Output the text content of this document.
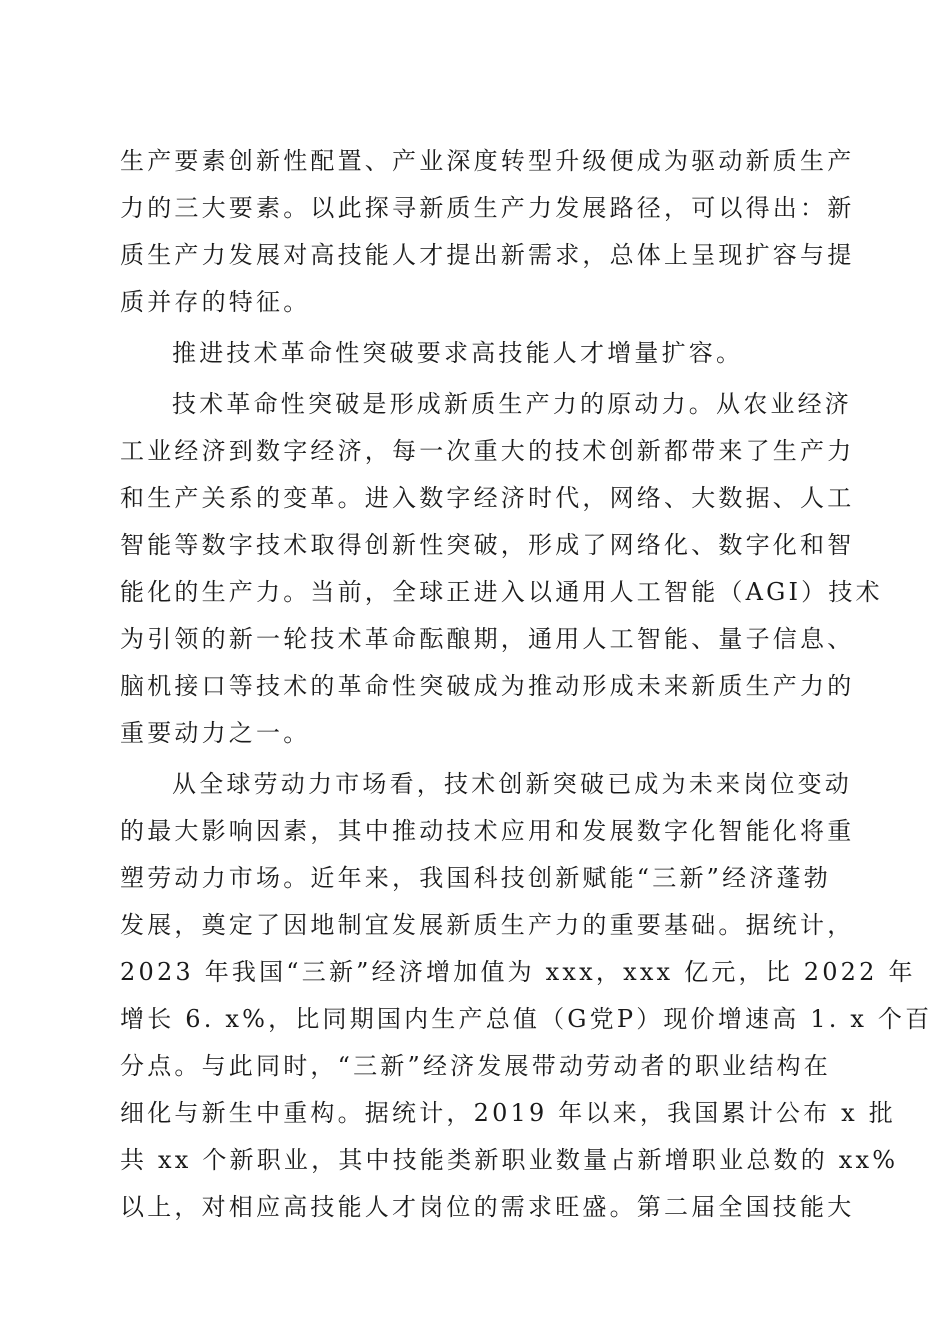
生产要素创新性配置、产业深度转型升级便成为驱动新质生产
力的三大要素。以此探寻新质生产力发展路径，可以得出：新
质生产力发展对高技能人才提出新需求，总体上呈现扩容与提
质并存的特征。
推进技术革命性突破要求高技能人才增量扩容。
技术革命性突破是形成新质生产力的原动力。从农业经济
工业经济到数字经济，每一次重大的技术创新都带来了生产力
和生产关系的变革。进入数字经济时代，网络、大数据、人工
智能等数字技术取得创新性突破，形成了网络化、数字化和智
能化的生产力。当前，全球正进入以通用人工智能（AGI）技术
为引领的新一轮技术革命酝酿期，通用人工智能、量子信息、
脑机接口等技术的革命性突破成为推动形成未来新质生产力的
重要动力之一。
从全球劳动力市场看，技术创新突破已成为未来岗位变动
的最大影响因素，其中推动技术应用和发展数字化智能化将重
塑劳动力市场。近年来，我国科技创新赋能“三新”经济蓬勃
发展，奠定了因地制宜发展新质生产力的重要基础。据统计，
2023 年我国“三新”经济增加值为 xxx，xxx 亿元，比 2022 年
增长 6. x%，比同期国内生产总值（G党P）现价增速高 1. x 个百
分点。与此同时，“三新”经济发展带动劳动者的职业结构在
细化与新生中重构。据统计，2019 年以来，我国累计公布 x 批
共 xx 个新职业，其中技能类新职业数量占新增职业总数的 xx%
以上，对相应高技能人才岗位的需求旺盛。第二届全国技能大
